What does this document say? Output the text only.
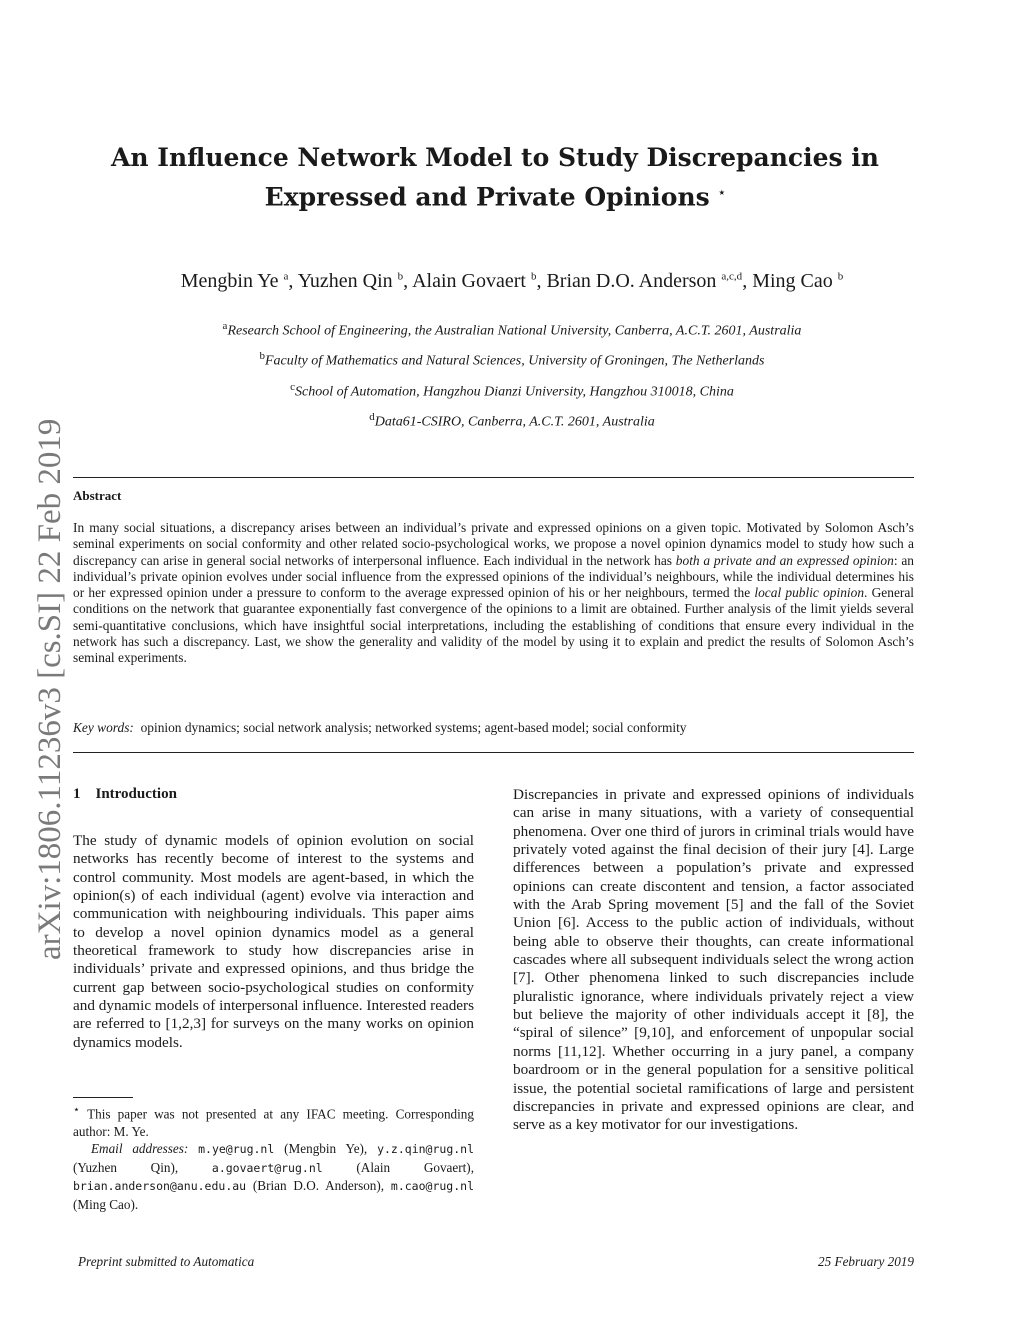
arXiv:1806.11236v3 [cs.SI] 22 Feb 2019
An Influence Network Model to Study Discrepancies in
Expressed and Private Opinions ⋆
Mengbin Ye $^a$, Yuzhen Qin $^b$, Alain Govaert $^b$, Brian D.O. Anderson $^{a,c,d}$, Ming Cao $^b$
$^a$Research School of Engineering, the Australian National University, Canberra, A.C.T. 2601, Australia
$^b$Faculty of Mathematics and Natural Sciences, University of Groningen, The Netherlands
$^c$School of Automation, Hangzhou Dianzi University, Hangzhou 310018, China
$^d$Data61-CSIRO, Canberra, A.C.T. 2601, Australia
Abstract
In many social situations, a discrepancy arises between an individual’s private and expressed opinions on a given topic. Motivated by Solomon Asch’s seminal experiments on social conformity and other related socio-psychological works, we propose a novel opinion dynamics model to study how such a discrepancy can arise in general social networks of interpersonal influence. Each individual in the network has both a private and an expressed opinion: an individual’s private opinion evolves under social influence from the expressed opinions of the individual’s neighbours, while the individual determines his or her expressed opinion under a pressure to conform to the average expressed opinion of his or her neighbours, termed the local public opinion. General conditions on the network that guarantee exponentially fast convergence of the opinions to a limit are obtained. Further analysis of the limit yields several semi-quantitative conclusions, which have insightful social interpretations, including the establishing of conditions that ensure every individual in the network has such a discrepancy. Last, we show the generality and validity of the model by using it to explain and predict the results of Solomon Asch’s seminal experiments.
Key words: opinion dynamics; social network analysis; networked systems; agent-based model; social conformity
1 Introduction
The study of dynamic models of opinion evolution on social networks has recently become of interest to the systems and control community. Most models are agent-based, in which the opinion(s) of each individual (agent) evolve via interaction and communication with neighbouring individuals. This paper aims to develop a novel opinion dynamics model as a general theoretical framework to study how discrepancies arise in individuals’ private and expressed opinions, and thus bridge the current gap between socio-psychological studies on conformity and dynamic models of interpersonal influence. Interested readers are referred to [1,2,3] for surveys on the many works on opinion dynamics models.
Discrepancies in private and expressed opinions of individuals can arise in many situations, with a variety of consequential phenomena. Over one third of jurors in criminal trials would have privately voted against the final decision of their jury [4]. Large differences between a population’s private and expressed opinions can create discontent and tension, a factor associated with the Arab Spring movement [5] and the fall of the Soviet Union [6]. Access to the public action of individuals, without being able to observe their thoughts, can create informational cascades where all subsequent individuals select the wrong action [7]. Other phenomena linked to such discrepancies include pluralistic ignorance, where individuals privately reject a view but believe the majority of other individuals accept it [8], the “spiral of silence” [9,10], and enforcement of unpopular social norms [11,12]. Whether occurring in a jury panel, a company boardroom or in the general population for a sensitive political issue, the potential societal ramifications of large and persistent discrepancies in private and expressed opinions are clear, and serve as a key motivator for our investigations.
⋆ This paper was not presented at any IFAC meeting. Corresponding author: M. Ye.
Email addresses: m.ye@rug.nl (Mengbin Ye), y.z.qin@rug.nl (Yuzhen Qin),	a.govaert@rug.nl	(Alain Govaert), brian.anderson@anu.edu.au (Brian D.O. Anderson), m.cao@rug.nl (Ming Cao).
Preprint submitted to Automatica	25 February 2019
